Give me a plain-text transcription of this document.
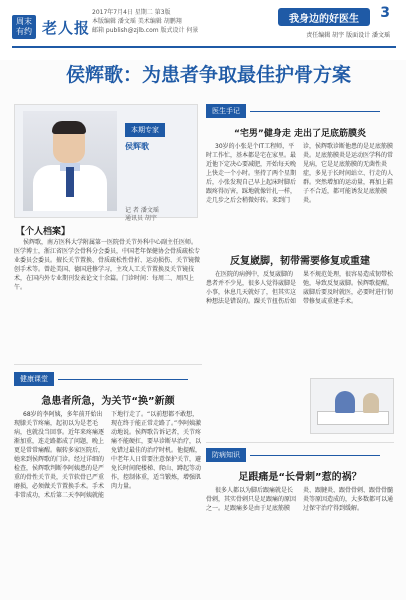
周末 有约 老人报
2017年7月4日 星期二 第3版
本版编辑 潘文瑶 美术编辑 胡鹏翔
邮箱 publish@zjlb.com 版式设计 何景
我身边的好医生	3
责任编辑 胡宇 版面设计 潘文瑶
侯辉歌：为患者争取最佳护骨方案
本期专家
侯辉歌
记 者 潘文瑶
通讯员 胡宇
【个人档案】
侯辉歌，南方医科大学附属第一医院骨关节外科中心副主任医师。医学博士，浙江省医学会骨科分会委员，中国老年保健协会骨质疏松专业委员会委员。擅长关节置换、骨质疏松性骨折、运动损伤、关节镜微创手术等。曾赴美国、德国进修学习，主攻人工关节置换及关节镜技术，在国内外专业期刊发表论文十余篇。门诊时间：每周二、周四上午。
健康课堂
急患者所急，为关节“换”新颜
68岁的李阿姨，多年前开始出现膝关节疼痛，起初以为是老毛病，也就没当回事。近年来疼痛逐渐加重，连走路都成了问题，晚上更是常常痛醒。辗转多家医院后，她来到侯辉歌的门诊。经过详细的检查，侯辉歌判断李阿姨患的是严重的骨性关节炎，关节软骨已严重磨损，必须做关节置换手术。手术非常成功，术后第二天李阿姨就能下地行走了。“以前想都不敢想，现在终于能正常走路了。”李阿姨激动地说。侯辉歌告诉记者，关节疼痛不能硬扛，要早诊断早治疗，以免错过最佳的治疗时机。他提醒，中老年人日常要注意保护关节，避免长时间爬楼梯、爬山、蹲起等动作，控制体重，适当锻炼，增强肌肉力量。
医生手记
“宅男”健身走 走出了足底筋膜炎
30岁的小张是个IT工程师，平时工作忙，基本都是宅在家里。最近他下定决心要减肥，开始每天晚上快走一个小时。坚持了两个星期后，小张发现自己早上起床时脚后跟疼得厉害，踩地就像针扎一样，走几步之后会稍微好转。来到门诊，侯辉歌诊断他患的是足底筋膜炎。足底筋膜炎是运动医学科的常见病，它是足底筋膜的无菌性炎症，多见于长时间站立、行走的人群。突然增加的运动量，再加上鞋子不合适，都可能诱发足底筋膜炎。
反复崴脚，韧带需要修复或重建
在医院的病例中，反复崴脚的患者并不少见，很多人觉得崴脚是小事，休息几天就好了，但其实这种想法是错误的。踝关节扭伤后如果不规范处理，很容易造成韧带松弛，导致反复崴脚。侯辉歌提醒，崴脚后要及时就医，必要时进行韧带修复或重建手术。
防病知识
足跟痛是“长骨刺”惹的祸？
很多人都以为脚后跟痛就是长骨刺，其实骨刺只是足跟痛的原因之一。足跟痛多是由于足底筋膜炎、跟腱炎、跟骨骨刺、跟骨骨髓炎等原因造成的，大多数都可以通过保守治疗得到缓解。
